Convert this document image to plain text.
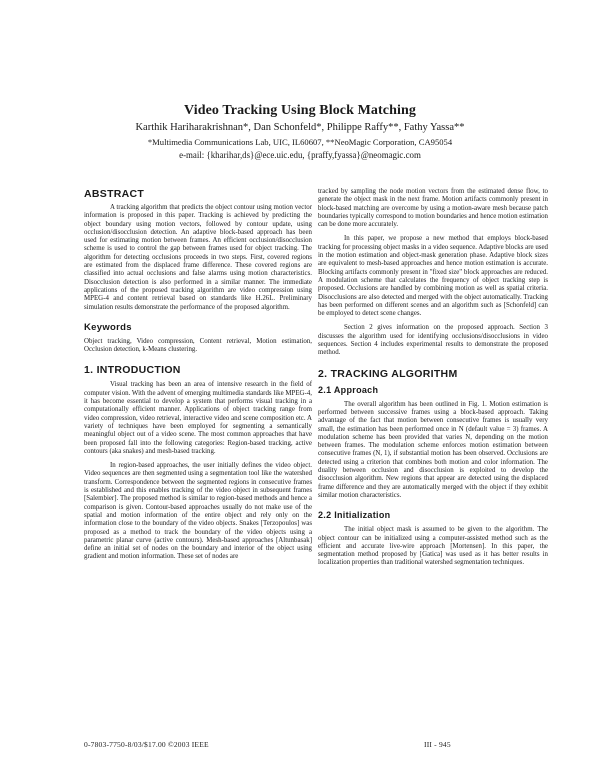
Video Tracking Using Block Matching
Karthik Hariharakrishnan*, Dan Schonfeld*, Philippe Raffy**, Fathy Yassa**
*Multimedia Communications Lab, UIC, IL60607, **NeoMagic Corporation, CA95054
e-mail: {kharihar,ds}@ece.uic.edu, {praffy,fyassa}@neomagic.com
ABSTRACT

A tracking algorithm that predicts the object contour using motion vector information is proposed in this paper. Tracking is achieved by predicting the object boundary using motion vectors, followed by contour update, using occlusion/disocclusion detection. An adaptive block-based approach has been used for estimating motion between frames. An efficient occlusion/disocclusion scheme is used to control the gap between frames used for object tracking. The algorithm for detecting occlusions proceeds in two steps. First, covered regions are estimated from the displaced frame difference. These covered regions are classified into actual occlusions and false alarms using motion characteristics. Disocclusion detection is also performed in a similar manner. The immediate applications of the proposed tracking algorithm are video compression using MPEG-4 and content retrieval based on standards like H.26L. Preliminary simulation results demonstrate the performance of the proposed algorithm.

Keywords

Object tracking, Video compression, Content retrieval, Motion estimation, Occlusion detection, k-Means clustering.

1. INTRODUCTION

Visual tracking has been an area of intensive research in the field of computer vision. With the advent of emerging multimedia standards like MPEG-4, it has become essential to develop a system that performs visual tracking in a computationally efficient manner. Applications of object tracking range from video compression, video retrieval, interactive video and scene composition etc. A variety of techniques have been employed for segmenting a semantically meaningful object out of a video scene. The most common approaches that have been proposed fall into the following categories: Region-based tracking, active contours (aka snakes) and mesh-based tracking.

In region-based approaches, the user initially defines the video object. Video sequences are then segmented using a segmentation tool like the watershed transform. Correspondence between the segmented regions in consecutive frames is established and this enables tracking of the video object in subsequent frames [Salembier]. The proposed method is similar to region-based methods and hence a comparison is given. Contour-based approaches usually do not make use of the spatial and motion information of the entire object and rely only on the information close to the boundary of the video objects. Snakes [Terzopoulos] was proposed as a method to track the boundary of the video objects using a parametric planar curve (active contours). Mesh-based approaches [Altunbasak] define an initial set of nodes on the boundary and interior of the object using gradient and motion information. These set of nodes are

tracked by sampling the node motion vectors from the estimated dense flow, to generate the object mask in the next frame. Motion artifacts commonly present in block-based matching are overcome by using a motion-aware mesh because patch boundaries typically correspond to motion boundaries and hence motion estimation can be done more accurately.

In this paper, we propose a new method that employs block-based tracking for processing object masks in a video sequence. Adaptive blocks are used in the motion estimation and object-mask generation phase. Adaptive block sizes are equivalent to mesh-based approaches and hence motion estimation is accurate. Blocking artifacts commonly present in "fixed size" block approaches are reduced. A modulation scheme that calculates the frequency of object tracking step is proposed. Occlusions are handled by combining motion as well as spatial criteria. Disocclusions are also detected and merged with the object automatically. Tracking has been performed on different scenes and an algorithm such as [Schonfeld] can be employed to detect scene changes.

Section 2 gives information on the proposed approach. Section 3 discusses the algorithm used for identifying occlusions/disocclusions in video sequences. Section 4 includes experimental results to demonstrate the proposed method.

2. TRACKING ALGORITHM
2.1 Approach

The overall algorithm has been outlined in Fig. 1. Motion estimation is performed between successive frames using a block-based approach. Taking advantage of the fact that motion between consecutive frames is usually very small, the estimation has been performed once in N (default value = 3) frames. A modulation scheme has been provided that varies N, depending on the motion between frames. The modulation scheme enforces motion estimation between consecutive frames (N, 1), if substantial motion has been observed. Occlusions are detected using a criterion that combines both motion and color information. The duality between occlusion and disocclusion is exploited to develop the disocclusion algorithm. New regions that appear are detected using the displaced frame difference and they are automatically merged with the object if they exhibit similar motion characteristics.

2.2 Initialization

The initial object mask is assumed to be given to the algorithm. The object contour can be initialized using a computer-assisted method such as the efficient and accurate live-wire approach [Mortensen]. In this paper, the segmentation method proposed by [Gatica] was used as it has better results in localization properties than traditional watershed segmentation techniques.

0-7803-7750-8/03/$17.00 ©2003 IEEE	III - 945
